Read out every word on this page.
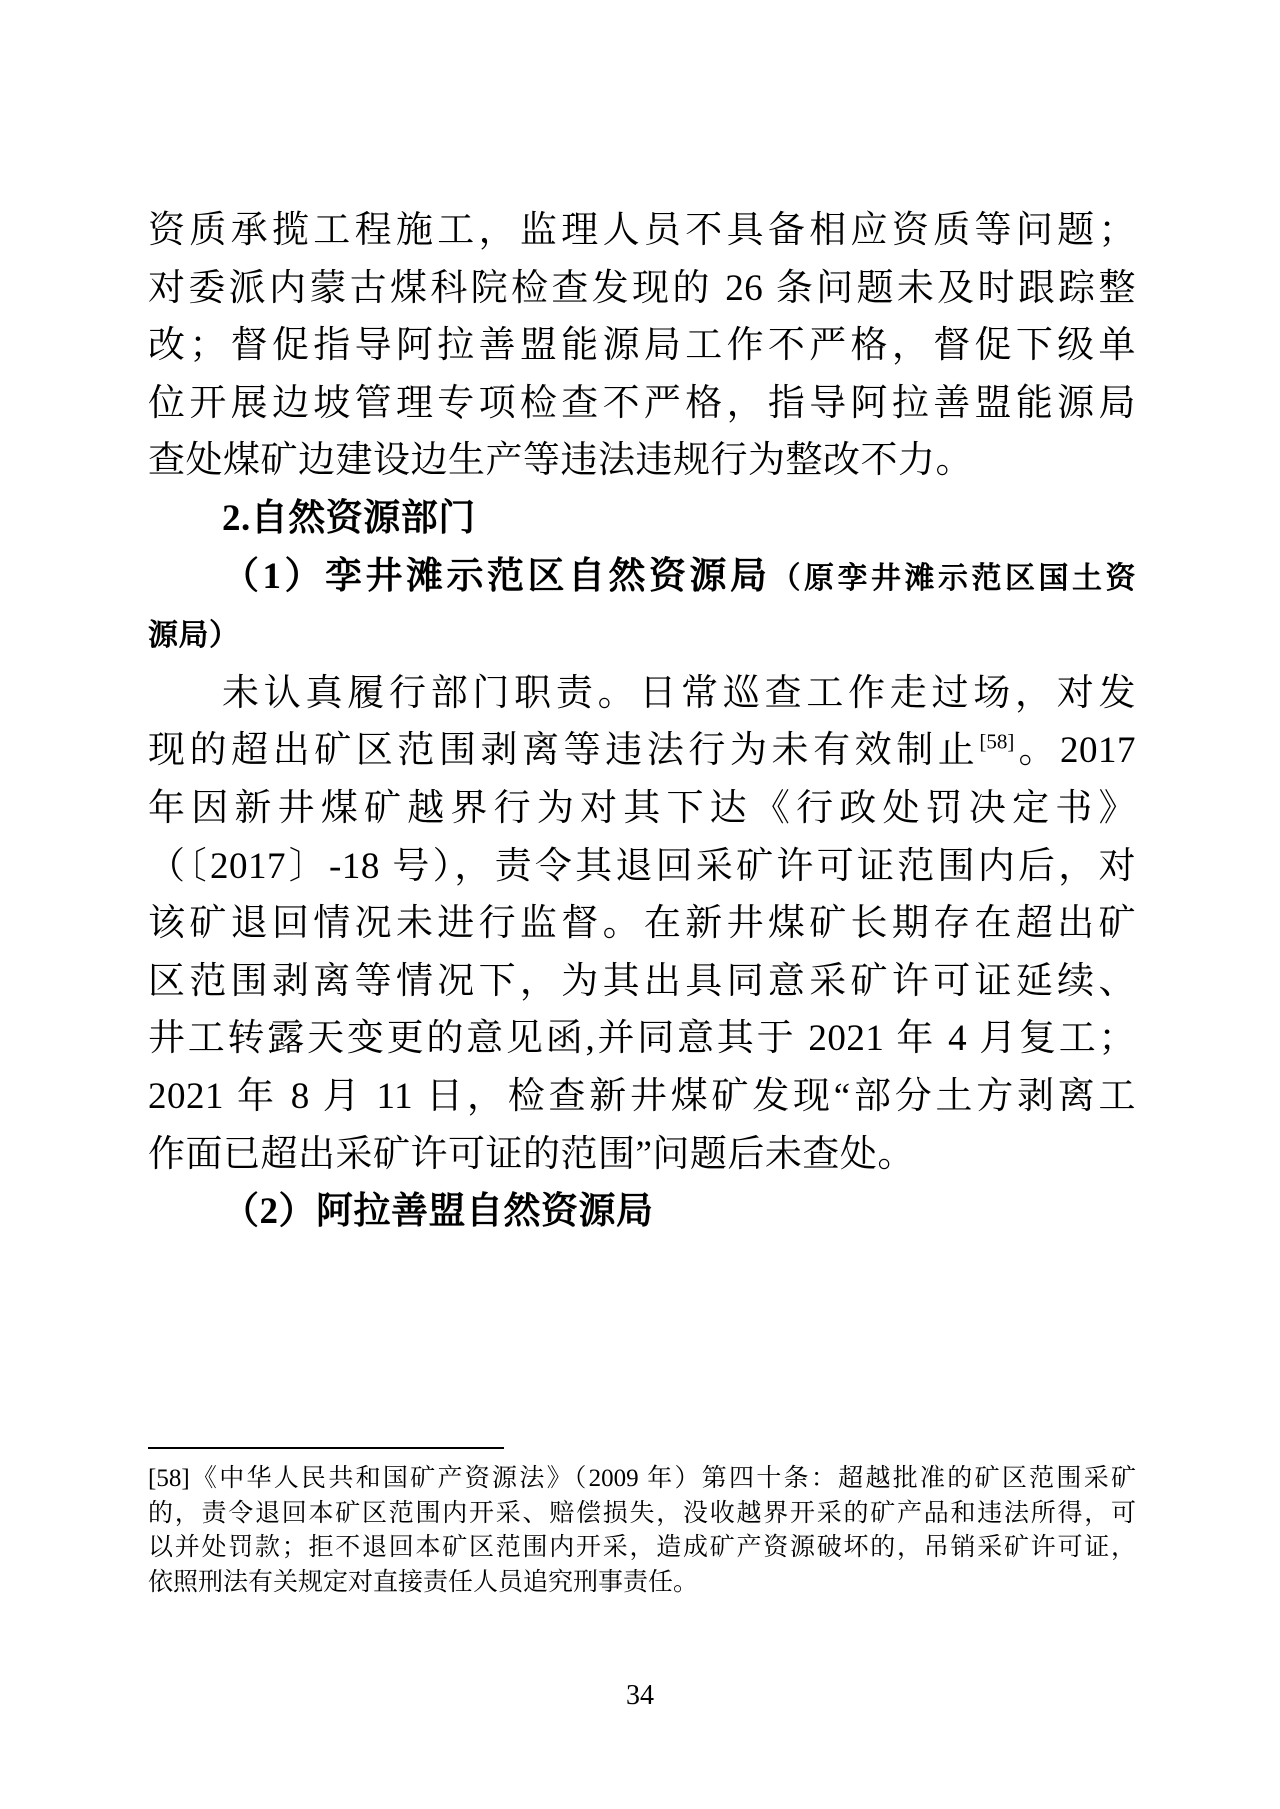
资质承揽工程施工，监理人员不具备相应资质等问题；
对委派内蒙古煤科院检查发现的 26 条问题未及时跟踪整
改；督促指导阿拉善盟能源局工作不严格，督促下级单
位开展边坡管理专项检查不严格，指导阿拉善盟能源局
查处煤矿边建设边生产等违法违规行为整改不力。
2.自然资源部门
（1）孪井滩示范区自然资源局（原孪井滩示范区国土资
源局）
未认真履行部门职责。日常巡查工作走过场，对发
现的超出矿区范围剥离等违法行为未有效制止[58]。2017
年因新井煤矿越界行为对其下达《行政处罚决定书》
（〔2017〕-18 号），责令其退回采矿许可证范围内后，对
该矿退回情况未进行监督。在新井煤矿长期存在超出矿
区范围剥离等情况下，为其出具同意采矿许可证延续、
井工转露天变更的意见函,并同意其于 2021 年 4 月复工；
2021 年 8 月 11 日，检查新井煤矿发现“部分土方剥离工
作面已超出采矿许可证的范围”问题后未查处。
（2）阿拉善盟自然资源局
[58]《中华人民共和国矿产资源法》（2009 年）第四十条：超越批准的矿区范围采矿
的，责令退回本矿区范围内开采、赔偿损失，没收越界开采的矿产品和违法所得，可
以并处罚款；拒不退回本矿区范围内开采，造成矿产资源破坏的，吊销采矿许可证，
依照刑法有关规定对直接责任人员追究刑事责任。
34
